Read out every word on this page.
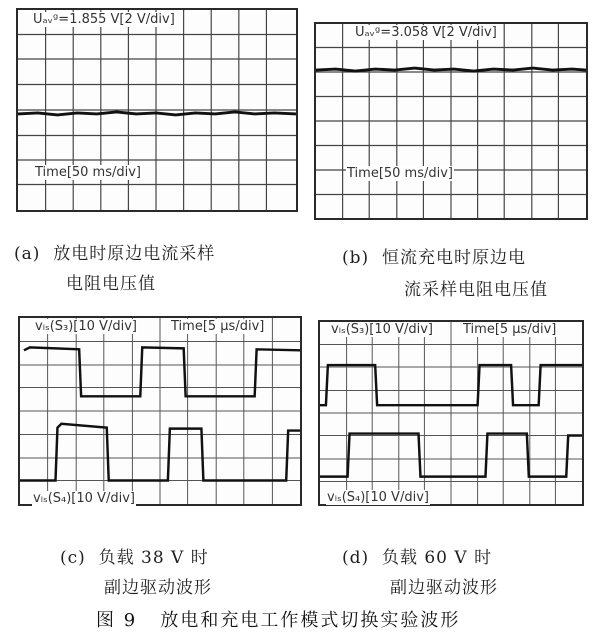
Uₐᵥᵍ=1.855 V[2 V/div]
Time[50 ms/div]
Uₐᵥᵍ=3.058 V[2 V/div]
Time[50 ms/div]
(a)  放电时原边电流采样
电阻电压值
(b)  恒流充电时原边电
流采样电阻电压值
vₗₛ(S₃)[10 V/div]	Time[5 μs/div]
vₗₛ(S₄)[10 V/div]
vₗₛ(S₃)[10 V/div] Time[5 μs/div]
vₗₛ(S₄)[10 V/div]
(c)  负载 38 V 时
副边驱动波形
(d)  负载 60 V 时
副边驱动波形
图 9   放电和充电工作模式切换实验波形
